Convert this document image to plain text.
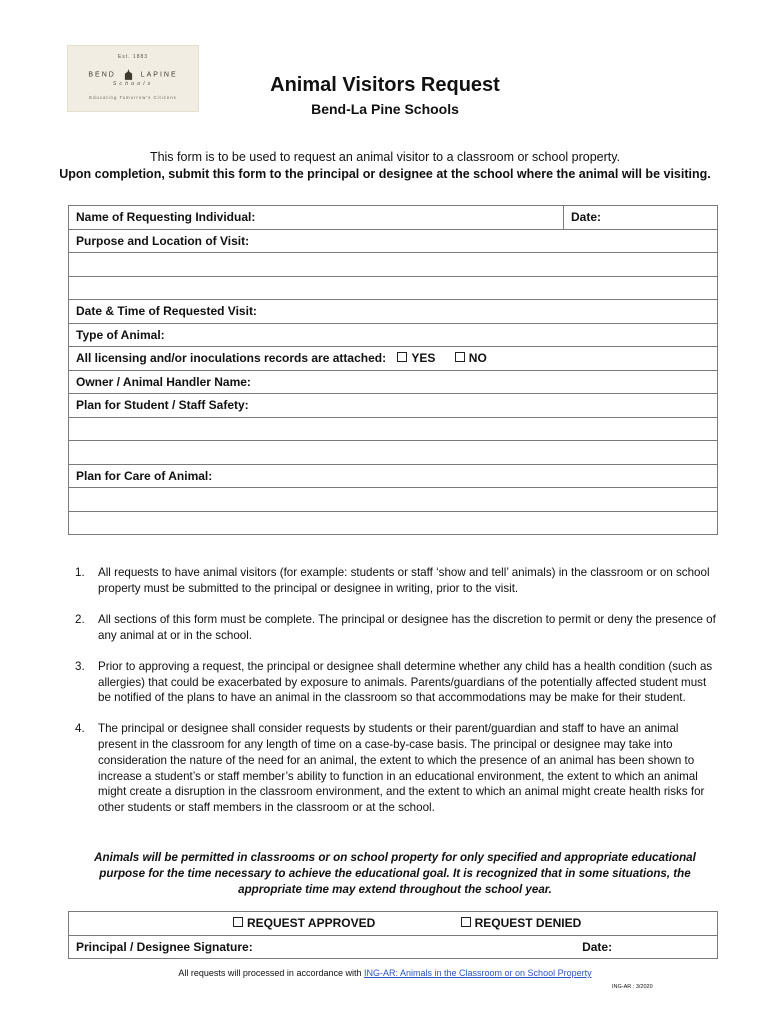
Est. 1883
BEND	LAPINE
Schools
Educating Tomorrow's Citizens
Animal Visitors Request
Bend-La Pine Schools
This form is to be used to request an animal visitor to a classroom or school property.
Upon completion, submit this form to the principal or designee at the school where the animal will be visiting.
Name of Requesting Individual:	Date:
Purpose and Location of Visit:

Date & Time of Requested Visit:
Type of Animal:
All licensing and/or inoculations records are attached: YES	NO
Owner / Animal Handler Name:
Plan for Student / Staff Safety:

Plan for Care of Animal:

1. All requests to have animal visitors (for example: students or staff ‘show and tell’ animals) in the classroom or on school property must be submitted to the principal or designee in writing, prior to the visit.
2. All sections of this form must be complete. The principal or designee has the discretion to permit or deny the presence of any animal at or in the school.
3. Prior to approving a request, the principal or designee shall determine whether any child has a health condition (such as allergies) that could be exacerbated by exposure to animals. Parents/guardians of the potentially affected student must be notified of the plans to have an animal in the classroom so that accommodations may be make for their student.
4. The principal or designee shall consider requests by students or their parent/guardian and staff to have an animal present in the classroom for any length of time on a case-by-case basis. The principal or designee may take into consideration the nature of the need for an animal, the extent to which the presence of an animal has been shown to increase a student’s or staff member’s ability to function in an educational environment, the extent to which an animal might create a disruption in the classroom environment, and the extent to which an animal might create health risks for other students or staff members in the classroom or at the school.
Animals will be permitted in classrooms or on school property for only specified and appropriate educational purpose for the time necessary to achieve the educational goal. It is recognized that in some situations, the appropriate time may extend throughout the school year.
REQUEST APPROVED	REQUEST DENIED
Principal / Designee Signature:	Date:
All requests will processed in accordance with ING-AR: Animals in the Classroom or on School Property
ING-AR : 3/2020
